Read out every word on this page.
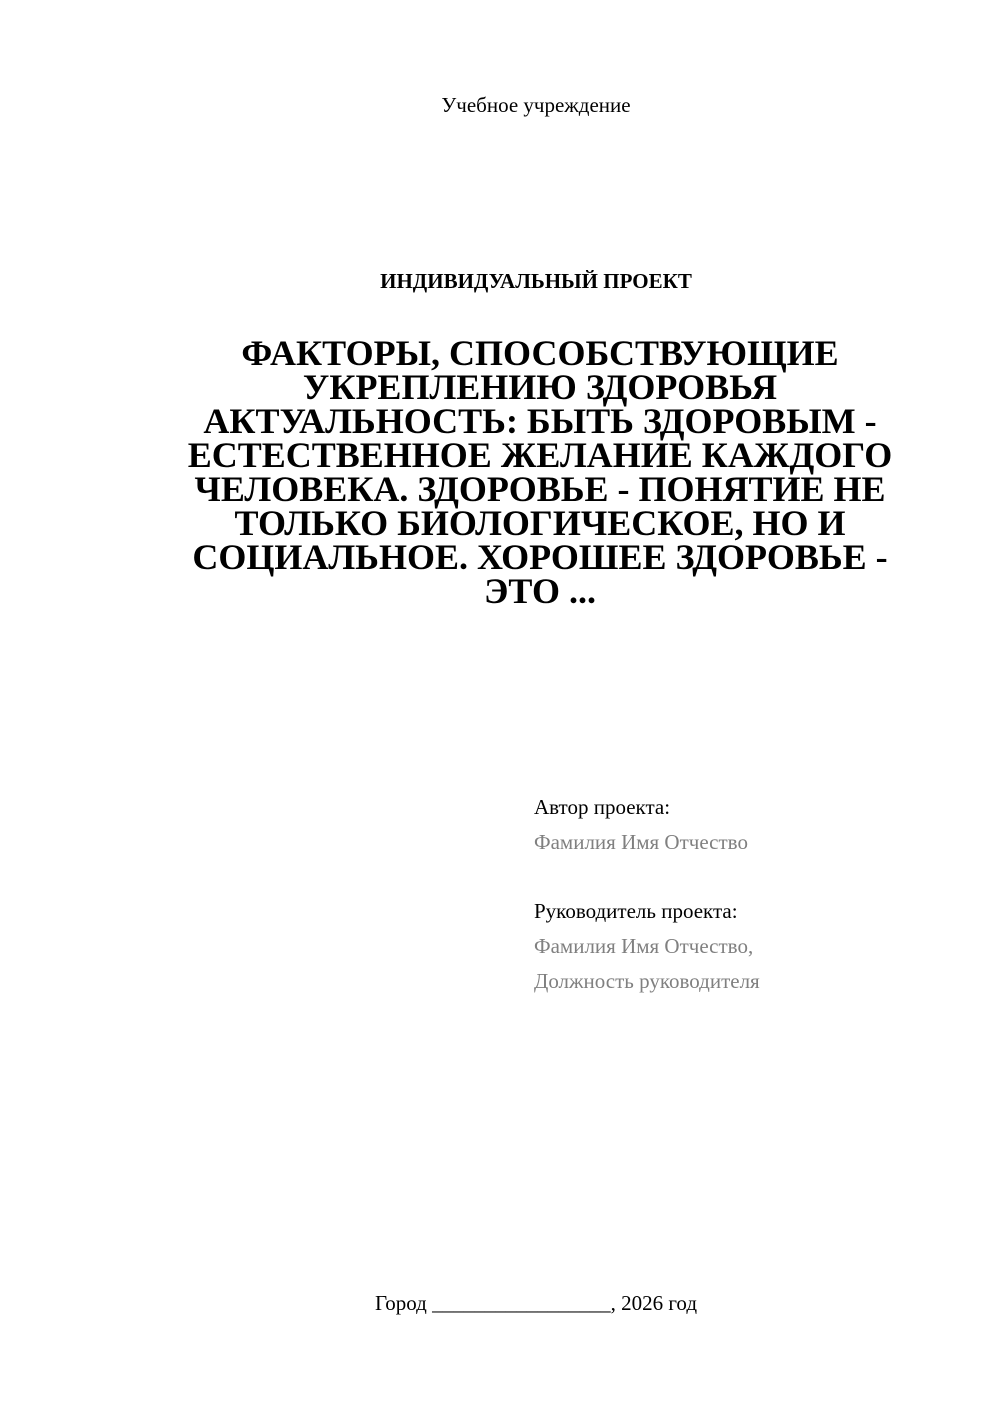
Учебное учреждение

ИНДИВИДУАЛЬНЫЙ ПРОЕКТ

ФАКТОРЫ, СПОСОБСТВУЮЩИЕ УКРЕПЛЕНИЮ ЗДОРОВЬЯ АКТУАЛЬНОСТЬ: БЫТЬ ЗДОРОВЫМ - ЕСТЕСТВЕННОЕ ЖЕЛАНИЕ КАЖДОГО ЧЕЛОВЕКА. ЗДОРОВЬЕ - ПОНЯТИЕ НЕ ТОЛЬКО БИОЛОГИЧЕСКОЕ, НО И СОЦИАЛЬНОЕ. ХОРОШЕЕ ЗДОРОВЬЕ - ЭТО ...

Автор проекта:

Фамилия Имя Отчество

Руководитель проекта:

Фамилия Имя Отчество,

Должность руководителя

Город _________________, 2026 год
